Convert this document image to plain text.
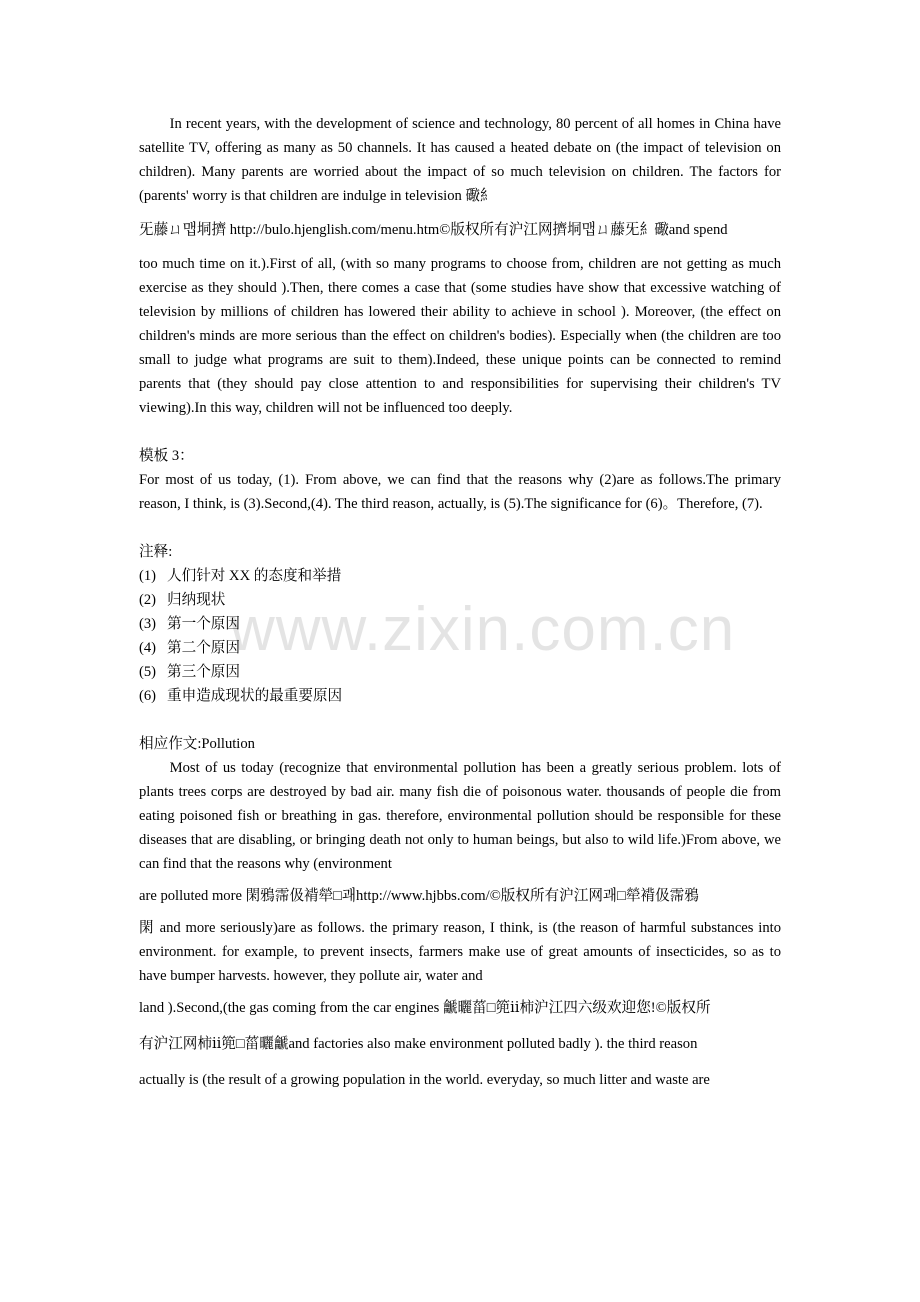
www.zixin.com.cn

In recent years, with the development of science and technology, 80 percent of all homes in China have satellite TV, offering as many as 50 channels. It has caused a heated debate on (the impact of television on children). Many parents are worried about the impact of so much television on children. The factors for (parents' worry is that children are indulge in television 礮糹

旡藤ㄩ맵垌擠 http://bulo.hjenglish.com/menu.htm©版权所有沪江网擠垌맵ㄩ藤旡糹礮and spend

too much time on it.).First of all, (with so many programs to choose from, children are not getting as much exercise as they should ).Then, there comes a case that (some studies have show that excessive watching of television by millions of children has lowered their ability to achieve in school ). Moreover, (the effect on children's minds are more serious than the effect on children's bodies). Especially when (the children are too small to judge what programs are suit to them).Indeed, these unique points can be connected to remind parents that (they should pay close attention to and responsibilities for supervising their children's TV viewing).In this way, children will not be influenced too deeply.

模板 3：

For most of us today, (1). From above, we can find that the reasons why (2)are as follows.The primary reason, I think, is (3).Second,(4). The third reason, actually, is (5).The significance for (6)。Therefore, (7).

注释:

(1) 人们针对 XX 的态度和举措

(2) 归纳现状

(3) 第一个原因

(4) 第二个原因

(5) 第三个原因

(6) 重申造成现状的最重要原因

相应作文:Pollution

Most of us today (recognize that environmental pollution has been a greatly serious problem. lots of plants trees corps are destroyed by bad air. many fish die of poisonous water. thousands of people die from eating poisoned fish or breathing in gas. therefore, environmental pollution should be responsible for these diseases that are disabling, or bringing death not only to human beings, but also to wild life.)From above, we can find that the reasons why (environment

are polluted more 閑鴉霈伋褙犖□괘http://www.hjbbs.com/©版权所有沪江网괘□犖褙伋霈鴉

閑 and more seriously)are as follows. the primary reason, I think, is (the reason of harmful substances into environment. for example, to prevent insects, farmers make use of great amounts of insecticides, so as to have bumper harvests. however, they pollute air, water and

land ).Second,(the gas coming from the car engines 䶵曬菑□篼ⅱ柿沪江四六级欢迎您!©版权所

有沪江网柿ⅱ篼□菑曬䶵and factories also make environment polluted badly ). the third reason

actually is (the result of a growing population in the world. everyday, so much litter and waste are
